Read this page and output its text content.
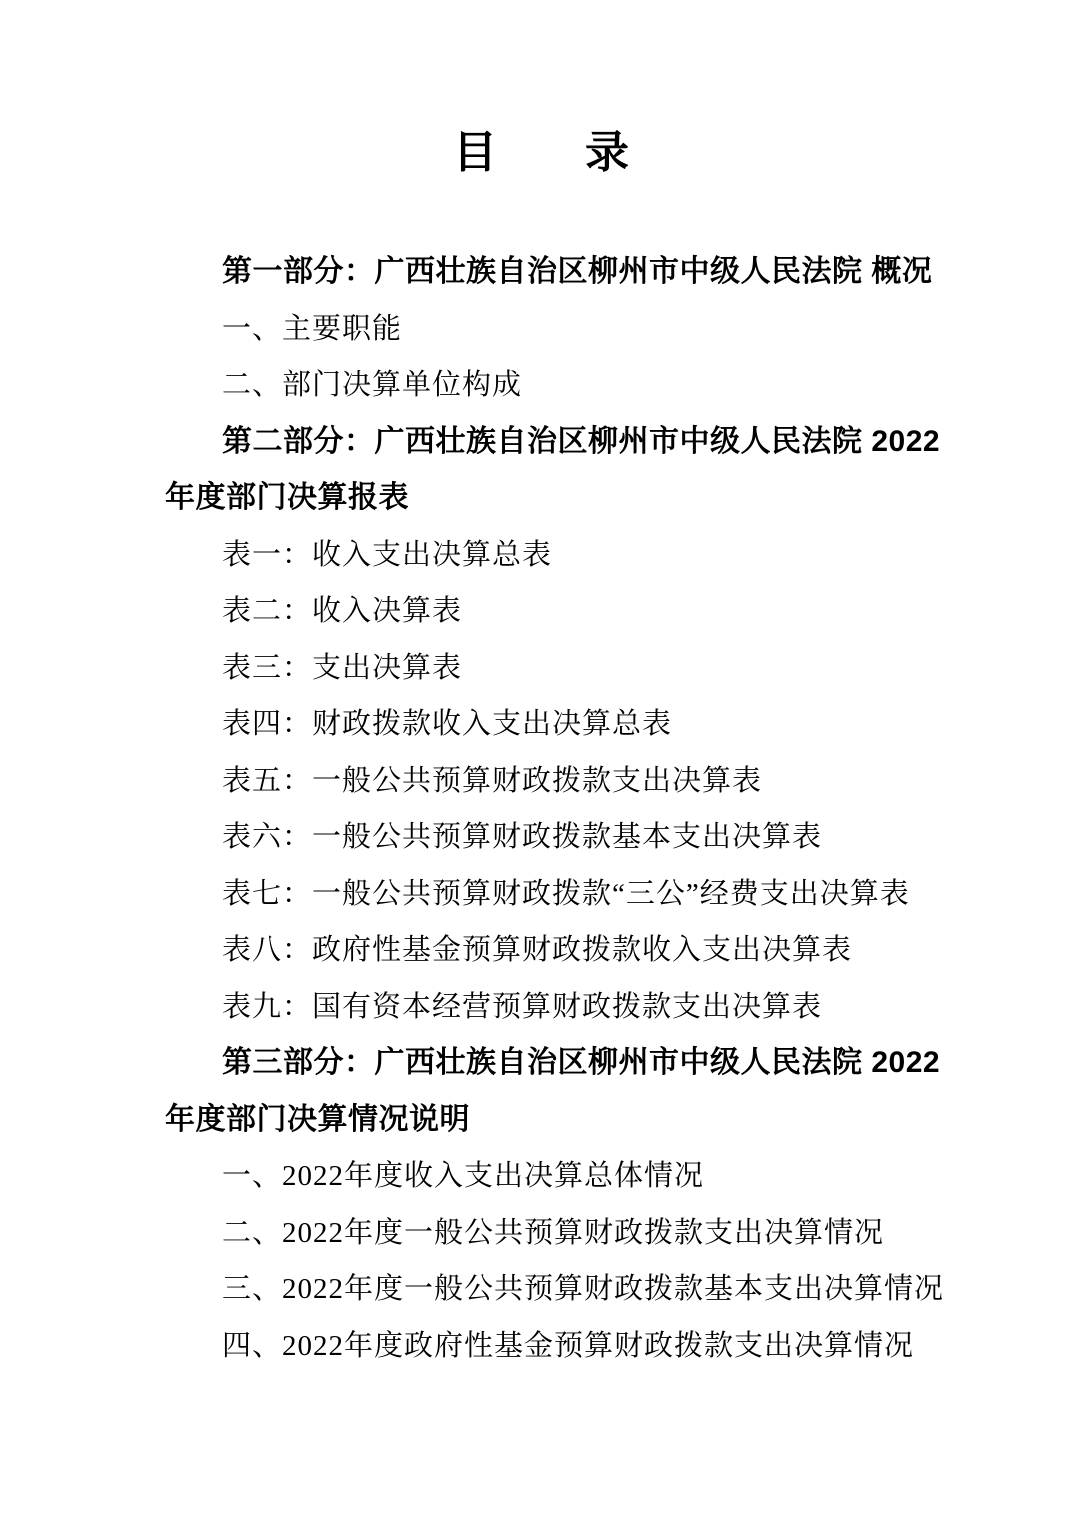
目　　录

第一部分：广西壮族自治区柳州市中级人民法院 概况

一、主要职能

二、部门决算单位构成

第二部分：广西壮族自治区柳州市中级人民法院 2022

年度部门决算报表

表一：收入支出决算总表

表二：收入决算表

表三：支出决算表

表四：财政拨款收入支出决算总表

表五：一般公共预算财政拨款支出决算表

表六：一般公共预算财政拨款基本支出决算表

表七：一般公共预算财政拨款“三公”经费支出决算表

表八：政府性基金预算财政拨款收入支出决算表

表九：国有资本经营预算财政拨款支出决算表

第三部分：广西壮族自治区柳州市中级人民法院 2022

年度部门决算情况说明

一、2022年度收入支出决算总体情况

二、2022年度一般公共预算财政拨款支出决算情况

三、2022年度一般公共预算财政拨款基本支出决算情况

四、2022年度政府性基金预算财政拨款支出决算情况
